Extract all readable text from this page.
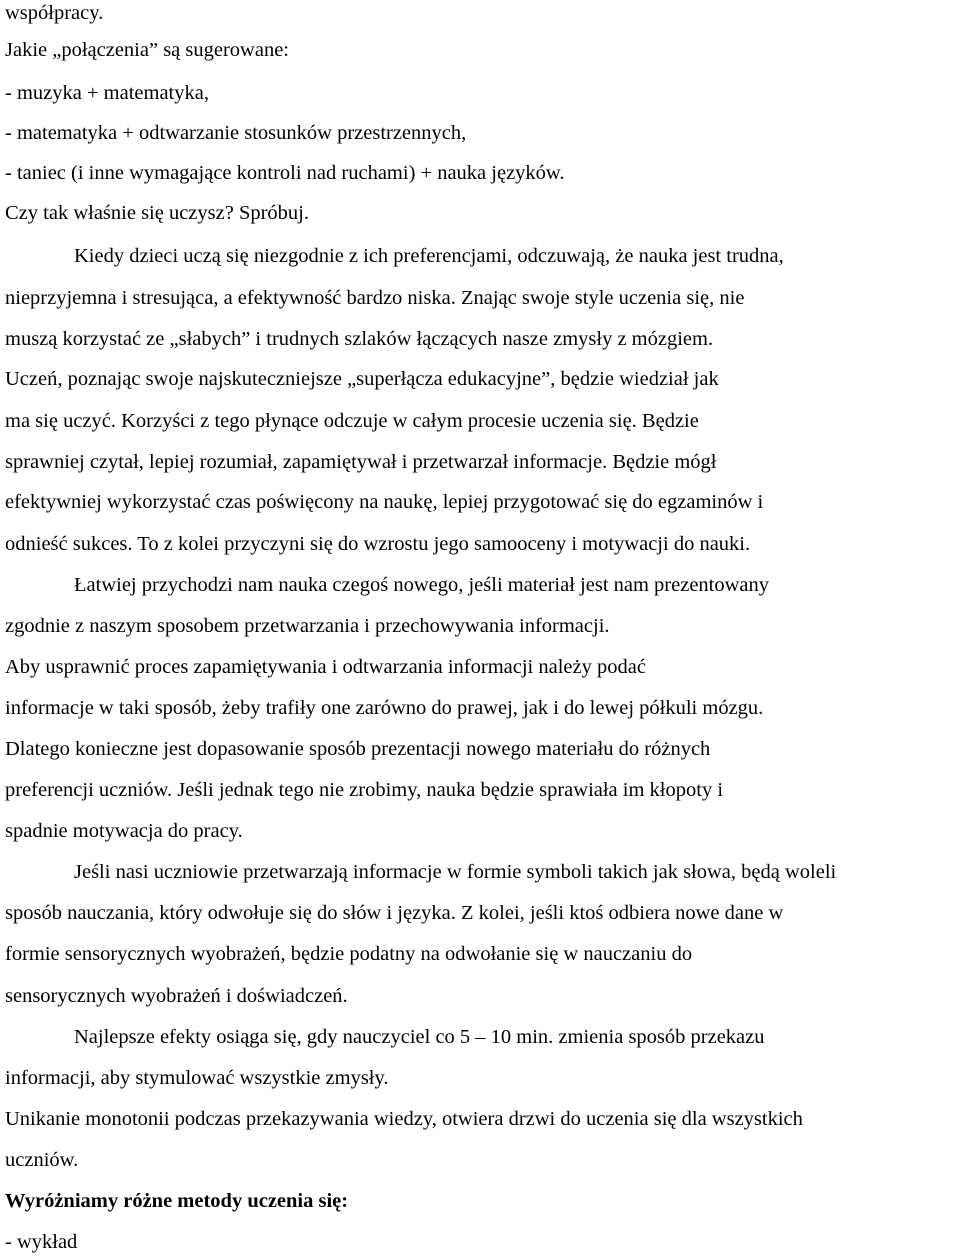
współpracy.
Jakie „połączenia” są sugerowane:
- muzyka + matematyka,
- matematyka + odtwarzanie stosunków przestrzennych,
- taniec (i inne wymagające kontroli nad ruchami) + nauka języków.
Czy tak właśnie się uczysz? Spróbuj.
Kiedy dzieci uczą się niezgodnie z ich preferencjami, odczuwają, że nauka jest trudna,
nieprzyjemna i stresująca, a efektywność bardzo niska. Znając swoje style uczenia się, nie
muszą korzystać ze „słabych” i trudnych szlaków łączących nasze zmysły z mózgiem.
Uczeń, poznając swoje najskuteczniejsze „superłącza edukacyjne”, będzie wiedział jak
ma się uczyć. Korzyści z tego płynące odczuje w całym procesie uczenia się. Będzie
sprawniej czytał, lepiej rozumiał, zapamiętywał i przetwarzał informacje. Będzie mógł
efektywniej wykorzystać czas poświęcony na naukę, lepiej przygotować się do egzaminów i
odnieść sukces. To z kolei przyczyni się do wzrostu jego samooceny i motywacji do nauki.
Łatwiej przychodzi nam nauka czegoś nowego, jeśli materiał jest nam prezentowany
zgodnie z naszym sposobem przetwarzania i przechowywania informacji.
Aby usprawnić proces zapamiętywania i odtwarzania informacji należy podać
informacje w taki sposób, żeby trafiły one zarówno do prawej, jak i do lewej półkuli mózgu.
Dlatego konieczne jest dopasowanie sposób prezentacji nowego materiału do różnych
preferencji uczniów. Jeśli jednak tego nie zrobimy, nauka będzie sprawiała im kłopoty i
spadnie motywacja do pracy.
Jeśli nasi uczniowie przetwarzają informacje w formie symboli takich jak słowa, będą woleli
sposób nauczania, który odwołuje się do słów i języka. Z kolei, jeśli ktoś odbiera nowe dane w
formie sensorycznych wyobrażeń, będzie podatny na odwołanie się w nauczaniu do
sensorycznych wyobrażeń i doświadczeń.
Najlepsze efekty osiąga się, gdy nauczyciel co 5 – 10 min. zmienia sposób przekazu
informacji, aby stymulować wszystkie zmysły.
Unikanie monotonii podczas przekazywania wiedzy, otwiera drzwi do uczenia się dla wszystkich
uczniów.
Wyróżniamy różne metody uczenia się:
- wykład
